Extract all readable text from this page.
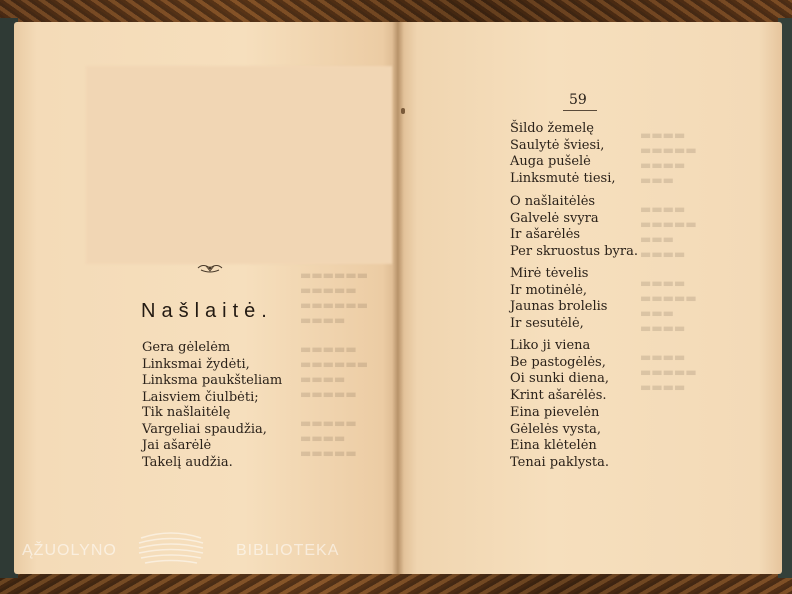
▬▬▬▬▬▬
▬▬▬▬▬
▬▬▬▬▬▬
▬▬▬▬
▬▬▬▬▬
▬▬▬▬▬▬
▬▬▬▬
▬▬▬▬▬
▬▬▬▬▬
▬▬▬▬
▬▬▬▬▬
▬▬▬▬
▬▬▬▬▬
▬▬▬▬
▬▬▬
▬▬▬▬
▬▬▬▬▬
▬▬▬
▬▬▬▬
▬▬▬▬
▬▬▬▬▬
▬▬▬
▬▬▬▬
▬▬▬▬
▬▬▬▬▬
▬▬▬▬
Našlaitė.
Gera gėlelėm
Linksmai žydėti,
Linksma paukšteliam
Laisviem čiulbėti;
Tik našlaitėlę
Vargeliai spaudžia,
Jai ašarėlė
Takelį audžia.
59
Šildo žemelę
Saulytė šviesi,
Auga pušelė
Linksmutė tiesi,
O našlaitėlės
Galvelė svyra
Ir ašarėlės
Per skruostus byra.
Mirė tėvelis
Ir motinėlė,
Jaunas brolelis
Ir sesutėlė,
Liko ji viena
Be pastogėlės,
Oi sunki diena,
Krint ašarėlės.
Eina pievelėn
Gėlelės vysta,
Eina klėtelėn
Tenai paklysta.
ĄŽUOLYNO	BIBLIOTEKA
